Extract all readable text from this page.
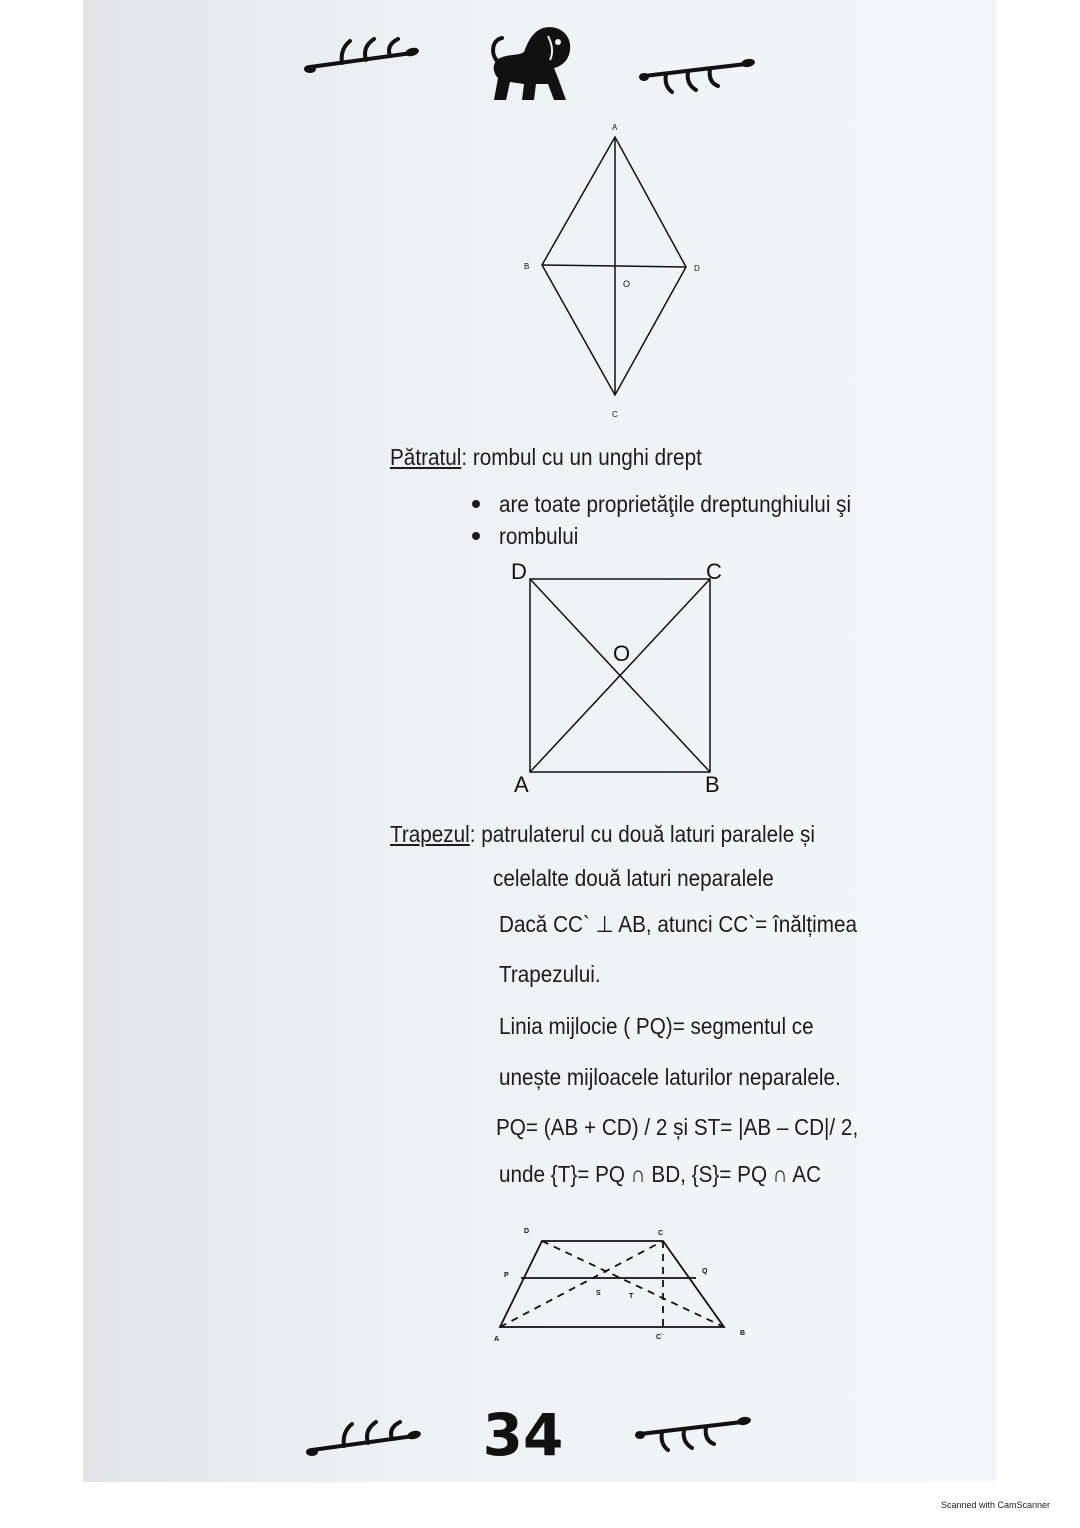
A
B	D
O
C
Pătratul: rombul cu un unghi drept
are toate proprietăţile dreptunghiului şi
rombului
D	C
O
A	B
Trapezul: patrulaterul cu două laturi paralele și
celelalte două laturi neparalele
Dacă CC` ⊥ AB, atunci CC`= înălțimea
Trapezului.
Linia mijlocie ( PQ)= segmentul ce
unește mijloacele laturilor neparalele.
PQ= (AB + CD) / 2 și ST= |AB – CD|/ 2,
unde {T}= PQ ∩ BD, {S}= PQ ∩ AC
D	C
P
Q
S	T
A	C`
B
34
Scanned with CamScanner
